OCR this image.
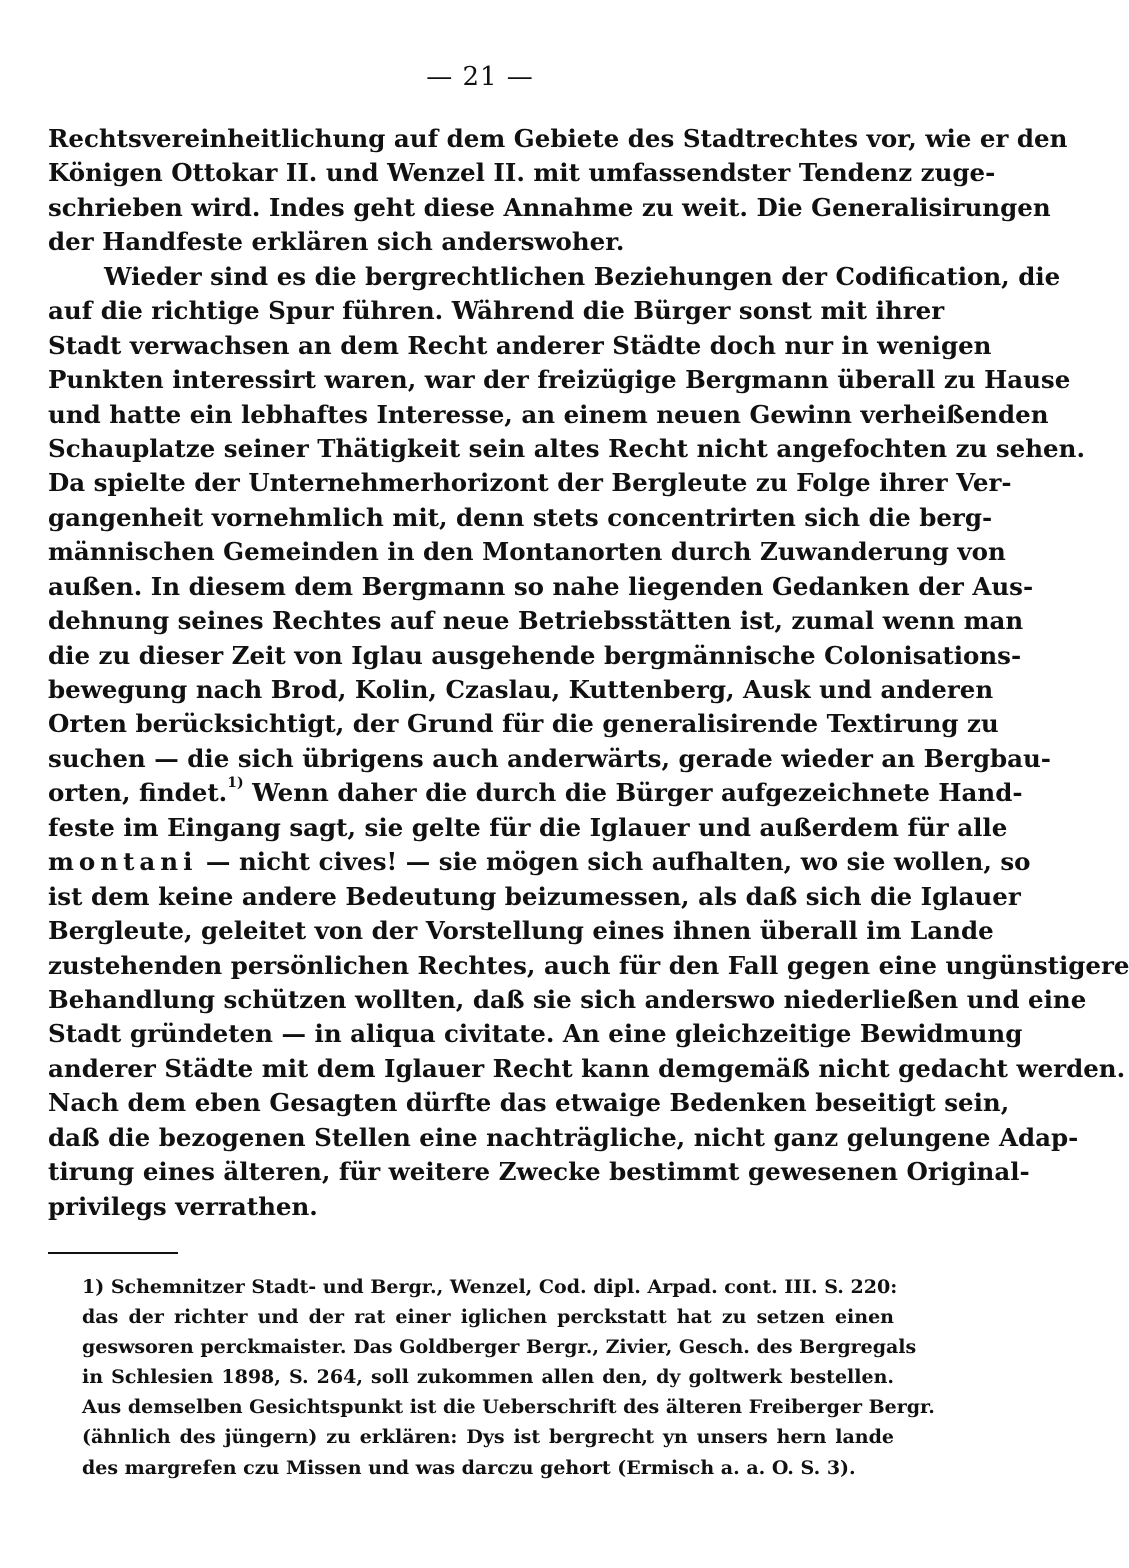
— 21 —
Rechtsvereinheitlichung auf dem Gebiete des Stadtrechtes vor, wie er den
Königen Ottokar II. und Wenzel II. mit umfassendster Tendenz zuge-
schrieben wird. Indes geht diese Annahme zu weit. Die Generalisirungen
der Handfeste erklären sich anderswoher.
Wieder sind es die bergrechtlichen Beziehungen der Codification, die
auf die richtige Spur führen. Während die Bürger sonst mit ihrer
Stadt verwachsen an dem Recht anderer Städte doch nur in wenigen
Punkten interessirt waren, war der freizügige Bergmann überall zu Hause
und hatte ein lebhaftes Interesse, an einem neuen Gewinn verheißenden
Schauplatze seiner Thätigkeit sein altes Recht nicht angefochten zu sehen.
Da spielte der Unternehmerhorizont der Bergleute zu Folge ihrer Ver-
gangenheit vornehmlich mit, denn stets concentrirten sich die berg-
männischen Gemeinden in den Montanorten durch Zuwanderung von
außen. In diesem dem Bergmann so nahe liegenden Gedanken der Aus-
dehnung seines Rechtes auf neue Betriebsstätten ist, zumal wenn man
die zu dieser Zeit von Iglau ausgehende bergmännische Colonisations-
bewegung nach Brod, Kolin, Czaslau, Kuttenberg, Ausk und anderen
Orten berücksichtigt, der Grund für die generalisirende Textirung zu
suchen — die sich übrigens auch anderwärts, gerade wieder an Bergbau-
orten, findet.$^{1)}$ Wenn daher die durch die Bürger aufgezeichnete Hand-
feste im Eingang sagt, sie gelte für die Iglauer und außerdem für alle
montani — nicht cives! — sie mögen sich aufhalten, wo sie wollen, so
ist dem keine andere Bedeutung beizumessen, als daß sich die Iglauer
Bergleute, geleitet von der Vorstellung eines ihnen überall im Lande
zustehenden persönlichen Rechtes, auch für den Fall gegen eine ungünstigere
Behandlung schützen wollten, daß sie sich anderswo niederließen und eine
Stadt gründeten — in aliqua civitate. An eine gleichzeitige Bewidmung
anderer Städte mit dem Iglauer Recht kann demgemäß nicht gedacht werden.
Nach dem eben Gesagten dürfte das etwaige Bedenken beseitigt sein,
daß die bezogenen Stellen eine nachträgliche, nicht ganz gelungene Adap-
tirung eines älteren, für weitere Zwecke bestimmt gewesenen Original-
privilegs verrathen.
1) Schemnitzer Stadt- und Bergr., Wenzel, Cod. dipl. Arpad. cont. III. S. 220:
das der richter und der rat einer iglichen perckstatt hat zu setzen einen
geswsoren perckmaister. Das Goldberger Bergr., Zivier, Gesch. des Bergregals
in Schlesien 1898, S. 264, soll zukommen allen den, dy goltwerk bestellen.
Aus demselben Gesichtspunkt ist die Ueberschrift des älteren Freiberger Bergr.
(ähnlich des jüngern) zu erklären: Dys ist bergrecht yn unsers hern lande
des margrefen czu Missen und was darczu gehort (Ermisch a. a. O. S. 3).
